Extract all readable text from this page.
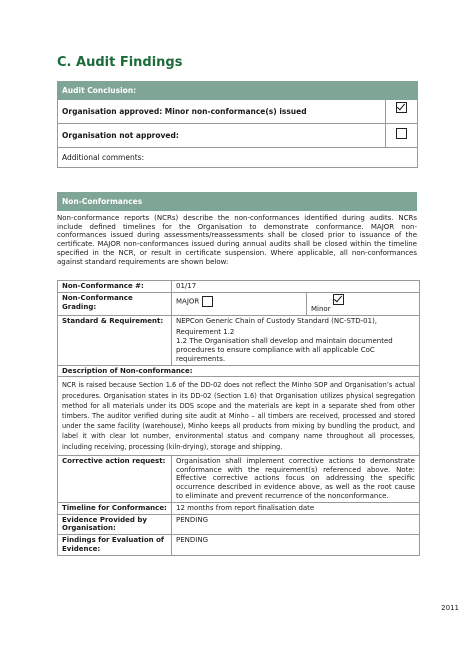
C. Audit Findings
Audit Conclusion:	
Organisation approved: Minor non-conformance(s) issued	
Organisation not approved:	
Additional comments:	
Non-Conformances

Non-conformance reports (NCRs) describe the non-conformances identified during audits. NCRs include defined timelines for the Organisation to demonstrate conformance. MAJOR non-conformances issued during assessments/reassessments shall be closed prior to issuance of the certificate. MAJOR non-conformances issued during annual audits shall be closed within the timeline specified in the NCR, or result in certificate suspension. Where applicable, all non-conformances against standard requirements are shown below:

Non-Conformance #:	01/17	
Non-Conformance Grading:	MAJOR	Minor

Standard & Requirement:	NEPCon Generic Chain of Custody Standard (NC-STD-01),
Requirement 1.2
1.2 The Organisation shall develop and maintain documented procedures to ensure compliance with all applicable CoC requirements.	

Description of Non-conformance:		
NCR is raised because Section 1.6 of the DD-02 does not reflect the Minho SOP and Organisation’s actual procedures. Organisation states in its DD-02 (Section 1.6) that Organisation utilizes physical segregation method for all materials under its DDS scope and the materials are kept in a separate shed from other timbers. The auditor verified during site audit at Minho – all timbers are received, processed and stored under the same facility (warehouse), Minho keeps all products from mixing by bundling the product, and label it with clear lot number, environmental status and company name throughout all processes, including receiving, processing (kiln-drying), storage and shipping.		
Corrective action request:	Organisation shall implement corrective actions to demonstrate conformance with the requirement(s) referenced above. Note: Effective corrective actions focus on addressing the specific occurrence described in evidence above, as well as the root cause to eliminate and prevent recurrence of the nonconformance.	
Timeline for Conformance:	12 months from report finalisation date	
Evidence Provided by Organisation:	PENDING	
Findings for Evaluation of Evidence:	PENDING	
2011
